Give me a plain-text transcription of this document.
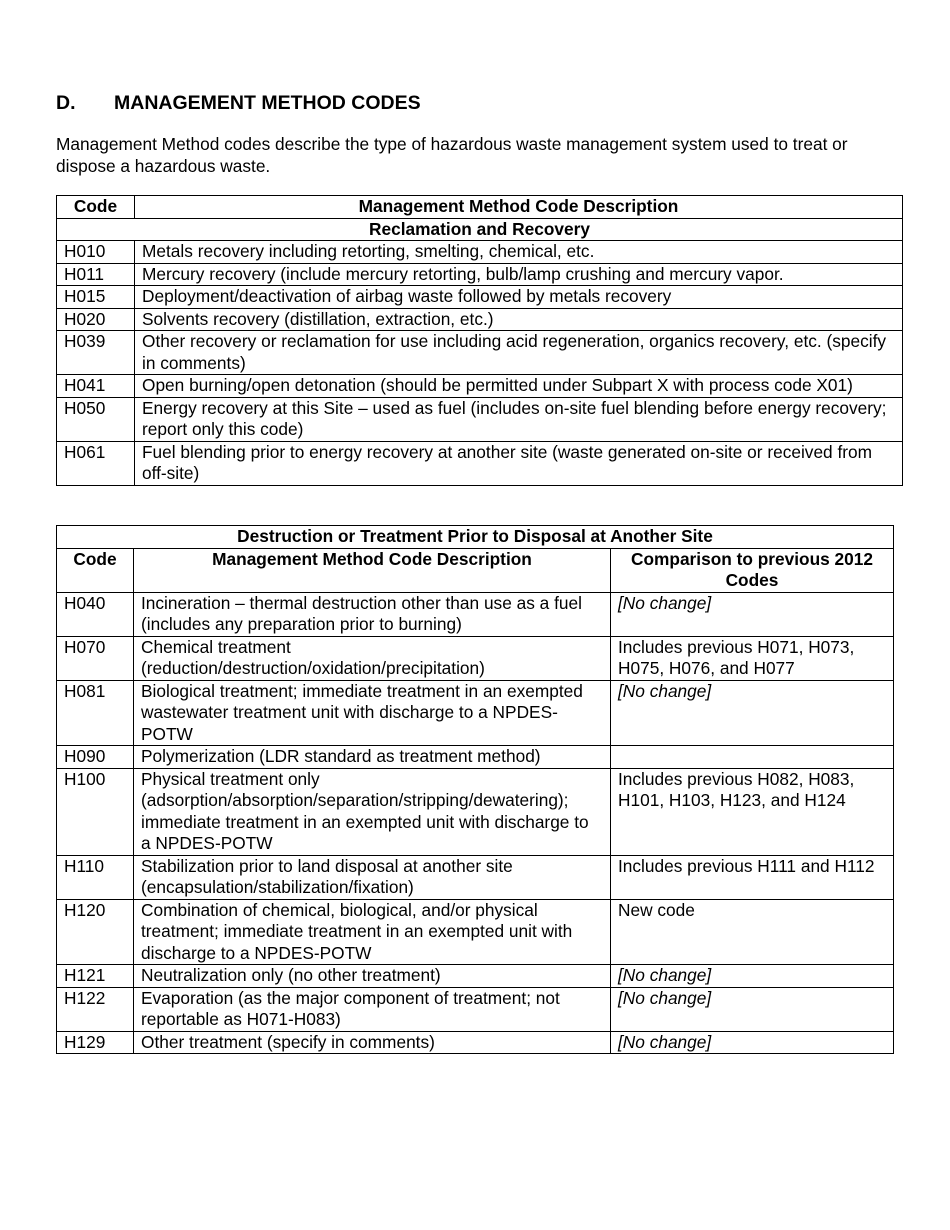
D. MANAGEMENT METHOD CODES

Management Method codes describe the type of hazardous waste management system used to treat or dispose a hazardous waste.

Code	Management Method Code Description
Reclamation and Recovery	
H010	Metals recovery including retorting, smelting, chemical, etc.
H011	Mercury recovery (include mercury retorting, bulb/lamp crushing and mercury vapor.
H015	Deployment/deactivation of airbag waste followed by metals recovery
H020	Solvents recovery (distillation, extraction, etc.)
H039	Other recovery or reclamation for use including acid regeneration, organics recovery, etc. (specify in comments)
H041	Open burning/open detonation (should be permitted under Subpart X with process code X01)
H050	Energy recovery at this Site – used as fuel (includes on-site fuel blending before energy recovery; report only this code)
H061	Fuel blending prior to energy recovery at another site (waste generated on-site or received from off-site)
Destruction or Treatment Prior to Disposal at Another Site		
Code	Management Method Code Description	Comparison to previous 2012 Codes
H040	Incineration – thermal destruction other than use as a fuel (includes any preparation prior to burning)	[No change]
H070	Chemical treatment (reduction/destruction/oxidation/precipitation)	Includes previous H071, H073, H075, H076, and H077
H081	Biological treatment; immediate treatment in an exempted wastewater treatment unit with discharge to a NPDES-POTW	[No change]
H090	Polymerization (LDR standard as treatment method)	
H100	Physical treatment only (adsorption/absorption/separation/stripping/dewatering); immediate treatment in an exempted unit with discharge to a NPDES-POTW	Includes previous H082, H083, H101, H103, H123, and H124
H110	Stabilization prior to land disposal at another site (encapsulation/stabilization/fixation)	Includes previous H111 and H112
H120	Combination of chemical, biological, and/or physical treatment; immediate treatment in an exempted unit with discharge to a NPDES-POTW	New code
H121	Neutralization only (no other treatment)	[No change]
H122	Evaporation (as the major component of treatment; not reportable as H071-H083)	[No change]
H129	Other treatment (specify in comments)	[No change]
